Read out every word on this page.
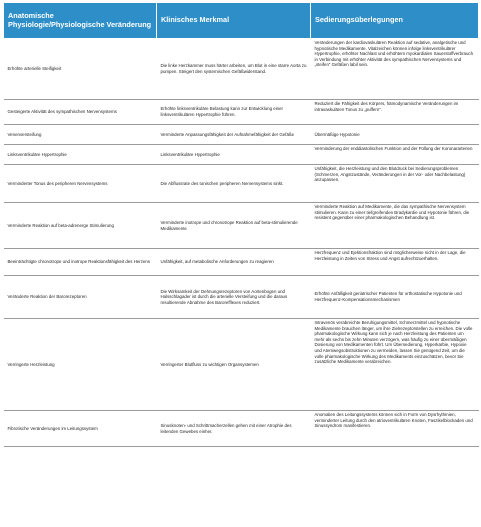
Anatomische Physiologie/Physiologische Veränderung	Klinisches Merkmal	Sedierungsüberlegungen
Erhöhte arterielle Steifigkeit	Die linke Herzkammer muss härter arbeiten, um Blut in eine starre Aorta zu pumpen. Steigert den systemischen Gefäßwiderstand.	Veränderungen der kardiovaskulären Reaktion auf sedative, analgetische und hypnotische Medikamente. Vitalzeichen können infolge linksventrikulärer Hypertrophie, erhöhter Nachlast und erhöhtem myokardialen Sauerstoffverbrauch in Verbindung mit erhöhter Aktivität des sympathischen Nervensystems und „steifen“ Gefäßen labil sein.
Gesteigerte Aktivität des sympathischen Nervensystems	Erhöhte linksventrikuläre Belastung kann zur Entwicklung einer linksventrikulären Hypertrophie führen.	Reduziert die Fähigkeit des Körpers, hämodynamische Veränderungen im intravaskulären Tonus zu „puffern“.
Venenversteifung	Verminderte Anpassungsfähigkeit der Aufnahmefähigkeit der Gefäße	Übermäßige Hypotonie
Linksventrikuläre Hypertrophie	Linksventrikuläre Hypertrophie	Verminderung der enddiastolischen Funktion und der Füllung der Koronararterien
Verminderter Tonus des peripheren Nervensystems	Die Abflussrate des tonischen peripheren Nervensystems sinkt.	Unfähigkeit, die Herzleistung und den Blutdruck bei Sedierungsproblemen (Schmerzen, Angstzustände, Veränderungen in der Vor- oder Nachbelastung) anzupassen.
Verminderte Reaktion auf beta-adrenerge Stimulierung	Verminderte inotrope und chronotrope Reaktion auf beta-stimulierende Medikamente	Verminderte Reaktion auf Medikamente, die das sympathische Nervensystem stimulieren. Kann zu einer tiefgreifenden Bradykardie und Hypotonie führen, die resistent gegenüber einer pharmakologischen Behandlung ist.
Beeinträchtigte chronotrope und inotrope Reaktionsfähigkeit des Herzens	Unfähigkeit, auf metabolische Anforderungen zu reagieren	Herzfrequenz und Ejektionsfraktion sind möglicherweise nicht in der Lage, die Herzleistung in Zeiten von Stress und Angst aufrechtzuerhalten.
Veränderte Reaktion der Barorezeptoren	Die Wirksamkeit der Dehnungsrezeptoren von Aortenbogen und Halsschlagader ist durch die arterielle Versteifung und die daraus resultierende Abnahme des Barorefflexes reduziert.	Erhöhte Anfälligkeit geriatrischer Patienten für orthostatische Hypotonie und Herzfrequenz-Kompensationsmechanismen
Verringerte Herzleistung	Verringerter Blutfluss zu wichtigen Organsystemen	Intravenös verabreichte Beruhigungsmittel, Schmerzmittel und hypnotische Medikamente brauchen länger, um ihre Zielrezeptorstellen zu erreichen. Die volle pharmakologische Wirkung kann sich je nach Herzleistung des Patienten um mehr als sechs bis zehn Minuten verzögern, was häufig zu einer übermäßigen Dosierung von Medikamenten führt. Um Übersedierung, Hyperkarbie, Hypoxie und Atemwegsobstruktionen zu vermeiden, lassen Sie genügend Zeit, um die volle pharmakologische Wirkung des Medikaments einzuschätzen, bevor Sie zusätzliche Medikamente verabreichen.
Fibrotische Veränderungen im Leitungssystem	Sinusknoten- und Schrittmacherzellen gehen mit einer Atrophie des leitenden Gewebes einher.	Anomalien des Leitungssystems können sich in Form von Dysrhythmien, verminderter Leitung durch den atrioventrikulären Knoten, Faszikelblockaden und Sinussyndrom manifestieren.
